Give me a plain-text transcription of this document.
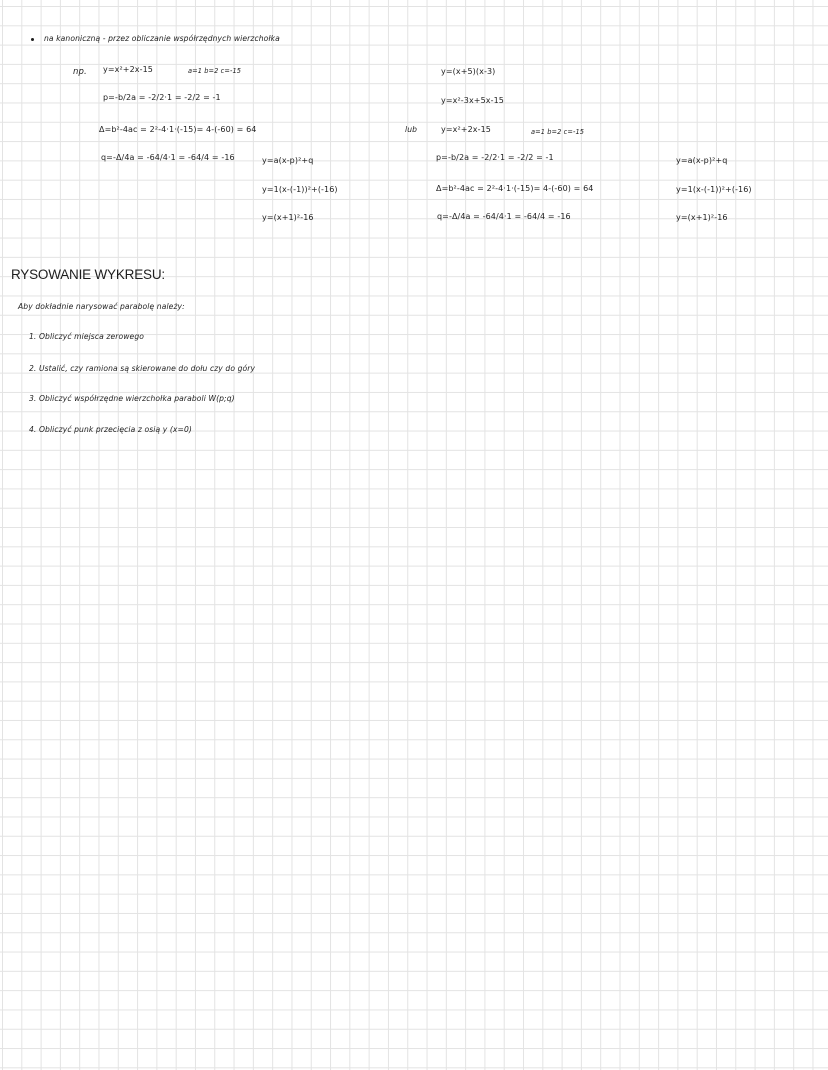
na kanoniczną - przez obliczanie współrzędnych wierzchołka
np. y=x²+2x-15	a=1 b=2 c=-15
p=-b/2a = -2/2·1 = -2/2 = -1
Δ=b²-4ac = 2²-4·1·(-15)= 4-(-60) = 64
q=-Δ/4a = -64/4·1 = -64/4 = -16	y=a(x-p)²+q
y=1(x-(-1))²+(-16)
y=(x+1)²-16
y=(x+5)(x-3)
y=x²-3x+5x-15
lub	y=x²+2x-15	a=1 b=2 c=-15
p=-b/2a = -2/2·1 = -2/2 = -1
Δ=b²-4ac = 2²-4·1·(-15)= 4-(-60) = 64
q=-Δ/4a = -64/4·1 = -64/4 = -16
y=a(x-p)²+q
y=1(x-(-1))²+(-16)
y=(x+1)²-16
RYSOWANIE WYKRESU:
Aby dokładnie narysować parabolę należy:
1. Obliczyć miejsca zerowego
2. Ustalić, czy ramiona są skierowane do dołu czy do góry
3. Obliczyć współrzędne wierzchołka paraboli W(p;q)
4. Obliczyć punk przecięcia z osią y (x=0)
